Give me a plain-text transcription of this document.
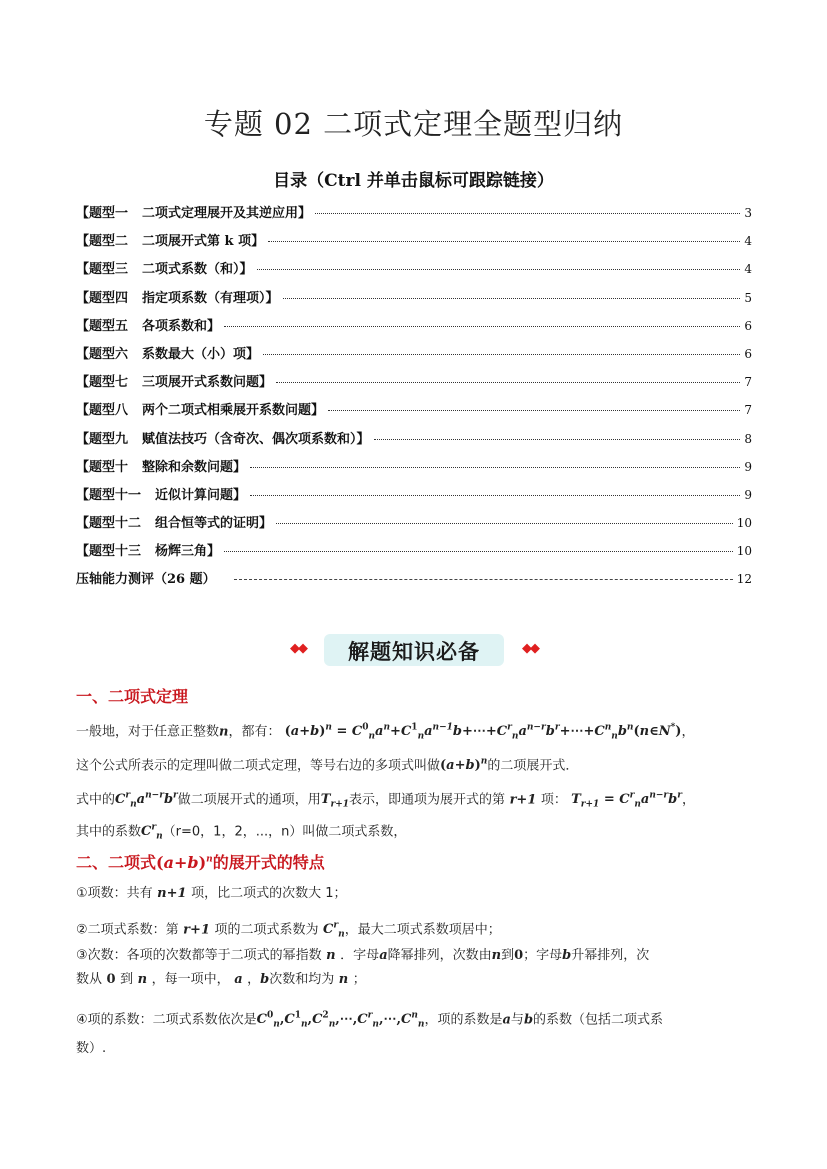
专题 02 二项式定理全题型归纳
目录（Ctrl 并单击鼠标可跟踪链接）
【题型一 二项式定理展开及其逆应用】	3
【题型二 二项展开式第 k 项】	4
【题型三 二项式系数（和）】	4
【题型四 指定项系数（有理项）】	5
【题型五 各项系数和】	6
【题型六 系数最大（小）项】	6
【题型七 三项展开式系数问题】	7
【题型八 两个二项式相乘展开系数问题】	7
【题型九 赋值法技巧（含奇次、偶次项系数和）】	8
【题型十 整除和余数问题】	9
【题型十一 近似计算问题】	9
【题型十二 组合恒等式的证明】	10
【题型十三 杨辉三角】	10
压轴能力测评（26 题）	12
◆◆	解题知识必备	◆◆
一、二项式定理
一般地，对于任意正整数n，都有： $(a+b)^n$ = $C^0_na^n+C^1_na^{n-1}b+\cdots+C^r_na^{n-r}b^r+\cdots+C^n_nb^n(n\in N^*)$，
这个公式所表示的定理叫做二项式定理，等号右边的多项式叫做$(a+b)^n$的二项展开式．
式中的$C^r_na^{n-r}b^r$做二项展开式的通项，用$T_{r+1}$表示，即通项为展开式的第 r+1 项： $T_{r+1} = C^r_na^{n-r}b^r$，
其中的系数$C^r_n(r=0$，1，2，...，n）叫做二项式系数，
二、二项式$(a+b)^n$的展开式的特点
①项数：共有 n+1 项，比二项式的次数大 1；
②二项式系数：第 r+1 项的二项式系数为 $C^r_n$，最大二项式系数项居中；
③次数：各项的次数都等于二项式的幂指数 n ．字母a降幂排列，次数由n到0；字母b升幂排列，次
数从 0 到 n ，每一项中， a ，b次数和均为 n ；
④项的系数：二项式系数依次是$C^0_n,C^1_n,C^2_n,\cdots,C^r_n,\cdots,C^n_n$，项的系数是a与b的系数（包括二项式系
数）.
